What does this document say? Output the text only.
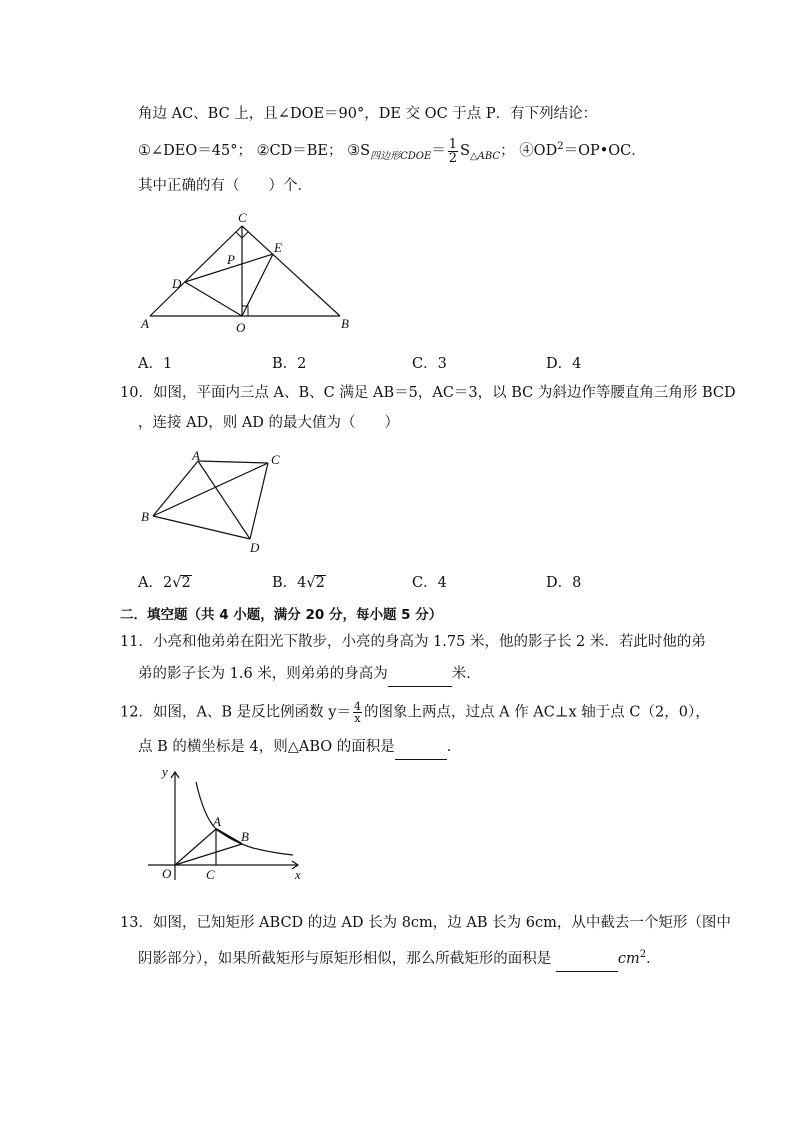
角边 AC、BC 上，且∠DOE＝90°，DE 交 OC 于点 P．有下列结论：
①∠DEO＝45°； ②CD＝BE； $③S_{四边形CDOE}= \frac{1}{2} S_{\triangle ABC}$； $④OD^2=OP•OC$．
其中正确的有（　　）个．
C
E
P
D
A	O	B
A．1	B．2	C．3	D．4
10．如图，平面内三点 A、B、C 满足 AB＝5，AC＝3，以 BC 为斜边作等腰直角三角形 BCD
，连接 AD，则 AD 的最大值为（　　）
A	C
B
D
A．2√2	B．4√2	C．4	D．8
二．填空题（共 4 小题，满分 20 分，每小题 5 分）
11．小亮和他弟弟在阳光下散步，小亮的身高为 1.75 米，他的影子长 2 米．若此时他的弟
弟的影子长为 1.6 米，则弟弟的身高为	米．
12．如图，A、B 是反比例函数 $y= \frac{4}{x}$ 的图象上两点，过点 A 作 AC⊥x 轴于点 C（2，0），
点 B 的横坐标是 4，则△ABO 的面积是	．
y
x
O
A
B
C
13．如图，已知矩形 ABCD 的边 AD 长为 8cm，边 AB 长为 6cm，从中截去一个矩形（图中
阴影部分），如果所截矩形与原矩形相似，那么所截矩形的面积是	$cm^2$．
